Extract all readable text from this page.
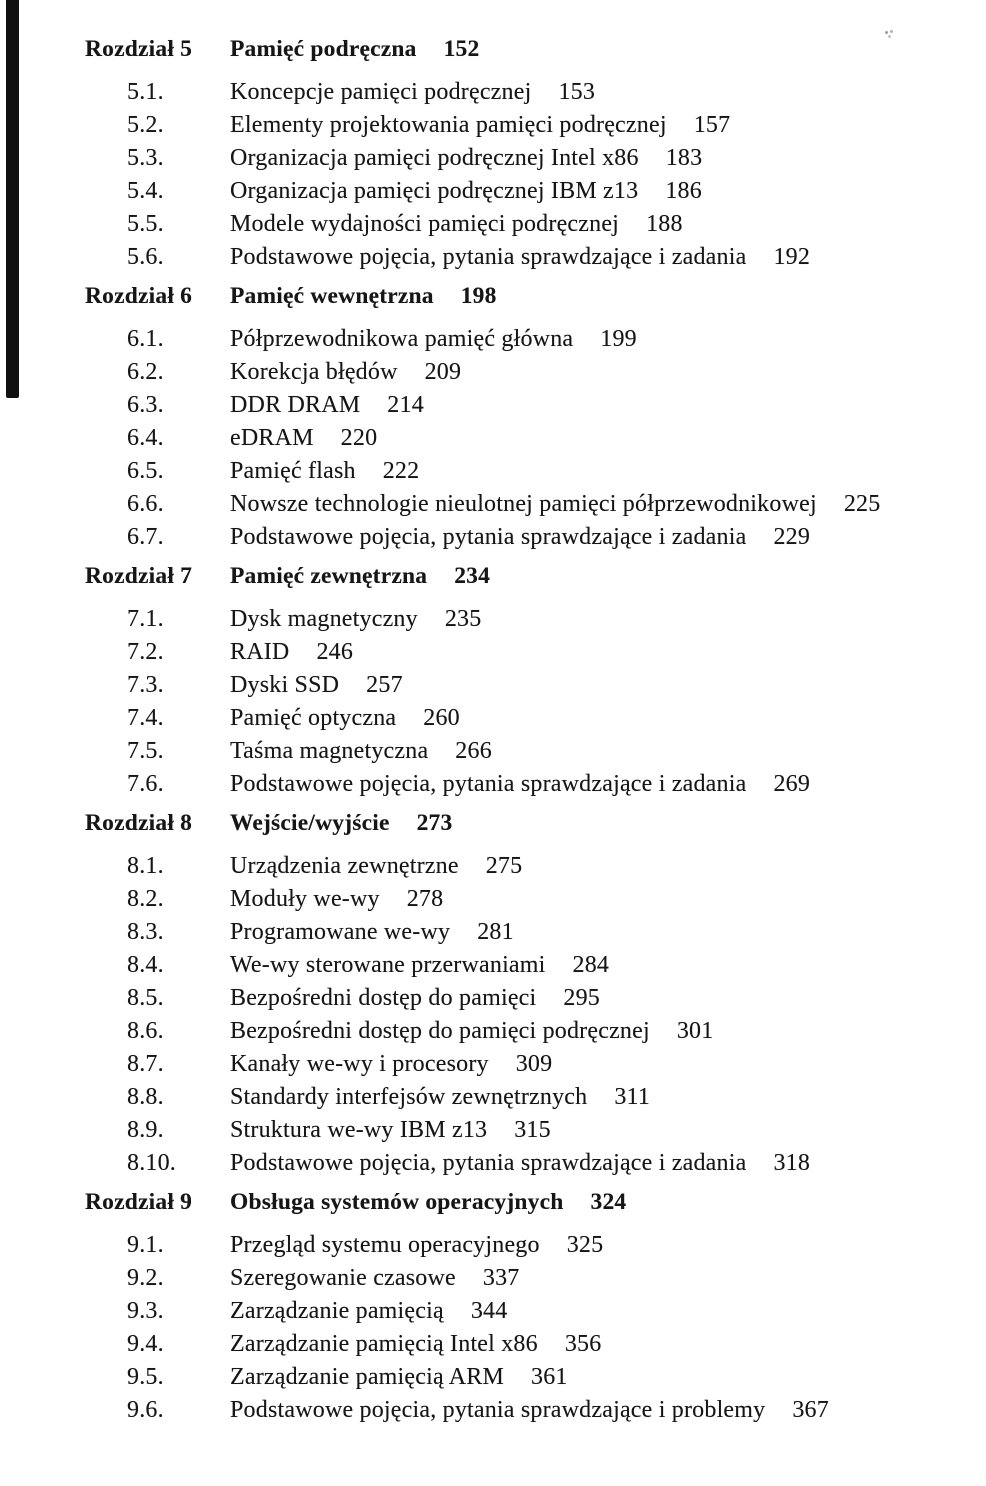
Rozdział 5	Pamięć podręczna 152
5.1.	Koncepcje pamięci podręcznej 153
5.2.	Elementy projektowania pamięci podręcznej 157
5.3.	Organizacja pamięci podręcznej Intel x86 183
5.4.	Organizacja pamięci podręcznej IBM z13 186
5.5.	Modele wydajności pamięci podręcznej 188
5.6.	Podstawowe pojęcia, pytania sprawdzające i zadania 192
Rozdział 6	Pamięć wewnętrzna 198
6.1.	Półprzewodnikowa pamięć główna 199
6.2.	Korekcja błędów 209
6.3.	DDR DRAM 214
6.4.	eDRAM 220
6.5.	Pamięć flash 222
6.6.	Nowsze technologie nieulotnej pamięci półprzewodnikowej 225
6.7.	Podstawowe pojęcia, pytania sprawdzające i zadania 229
Rozdział 7	Pamięć zewnętrzna 234
7.1.	Dysk magnetyczny 235
7.2.	RAID 246
7.3.	Dyski SSD 257
7.4.	Pamięć optyczna 260
7.5.	Taśma magnetyczna 266
7.6.	Podstawowe pojęcia, pytania sprawdzające i zadania 269
Rozdział 8	Wejście/wyjście 273
8.1.	Urządzenia zewnętrzne 275
8.2.	Moduły we-wy 278
8.3.	Programowane we-wy 281
8.4.	We-wy sterowane przerwaniami 284
8.5.	Bezpośredni dostęp do pamięci 295
8.6.	Bezpośredni dostęp do pamięci podręcznej 301
8.7.	Kanały we-wy i procesory 309
8.8.	Standardy interfejsów zewnętrznych 311
8.9.	Struktura we-wy IBM z13 315
8.10.	Podstawowe pojęcia, pytania sprawdzające i zadania 318
Rozdział 9	Obsługa systemów operacyjnych 324
9.1.	Przegląd systemu operacyjnego 325
9.2.	Szeregowanie czasowe 337
9.3.	Zarządzanie pamięcią 344
9.4.	Zarządzanie pamięcią Intel x86 356
9.5.	Zarządzanie pamięcią ARM 361
9.6.	Podstawowe pojęcia, pytania sprawdzające i problemy 367
